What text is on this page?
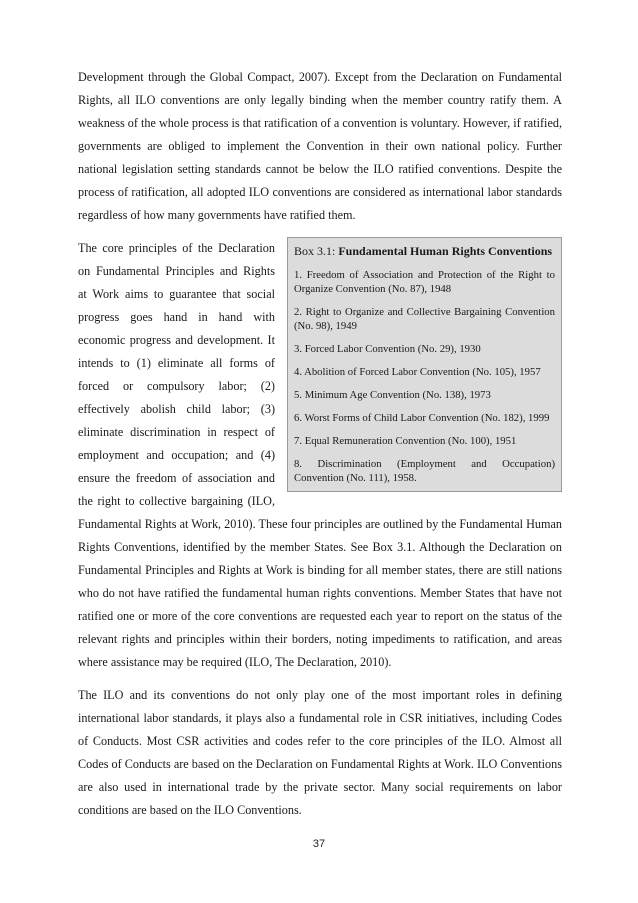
Development through the Global Compact, 2007). Except from the Declaration on Fundamental Rights, all ILO conventions are only legally binding when the member country ratify them. A weakness of the whole process is that ratification of a convention is voluntary. However, if ratified, governments are obliged to implement the Convention in their own national policy. Further national legislation setting standards cannot be below the ILO ratified conventions. Despite the process of ratification, all adopted ILO conventions are considered as international labor standards regardless of how many governments have ratified them.

Box 3.1: Fundamental Human Rights Conventions
1. Freedom of Association and Protection of the Right to Organize Convention (No. 87), 1948
2. Right to Organize and Collective Bargaining Convention (No. 98), 1949
3. Forced Labor Convention (No. 29), 1930
4. Abolition of Forced Labor Convention (No. 105), 1957
5. Minimum Age Convention (No. 138), 1973
6. Worst Forms of Child Labor Convention (No. 182), 1999
7. Equal Remuneration Convention (No. 100), 1951
8. Discrimination (Employment and Occupation) Convention (No. 111), 1958.

The core principles of the Declaration on Fundamental Principles and Rights at Work aims to guarantee that social progress goes hand in hand with economic progress and development. It intends to (1) eliminate all forms of forced or compulsory labor; (2) effectively abolish child labor; (3) eliminate discrimination in respect of employment and occupation; and (4) ensure the freedom of association and the right to collective bargaining (ILO, Fundamental Rights at Work, 2010). These four principles are outlined by the Fundamental Human Rights Conventions, identified by the member States. See Box 3.1. Although the Declaration on Fundamental Principles and Rights at Work is binding for all member states, there are still nations who do not have ratified the fundamental human rights conventions. Member States that have not ratified one or more of the core conventions are requested each year to report on the status of the relevant rights and principles within their borders, noting impediments to ratification, and areas where assistance may be required (ILO, The Declaration, 2010).

The ILO and its conventions do not only play one of the most important roles in defining international labor standards, it plays also a fundamental role in CSR initiatives, including Codes of Conducts. Most CSR activities and codes refer to the core principles of the ILO. Almost all Codes of Conducts are based on the Declaration on Fundamental Rights at Work. ILO Conventions are also used in international trade by the private sector. Many social requirements on labor conditions are based on the ILO Conventions.

37
